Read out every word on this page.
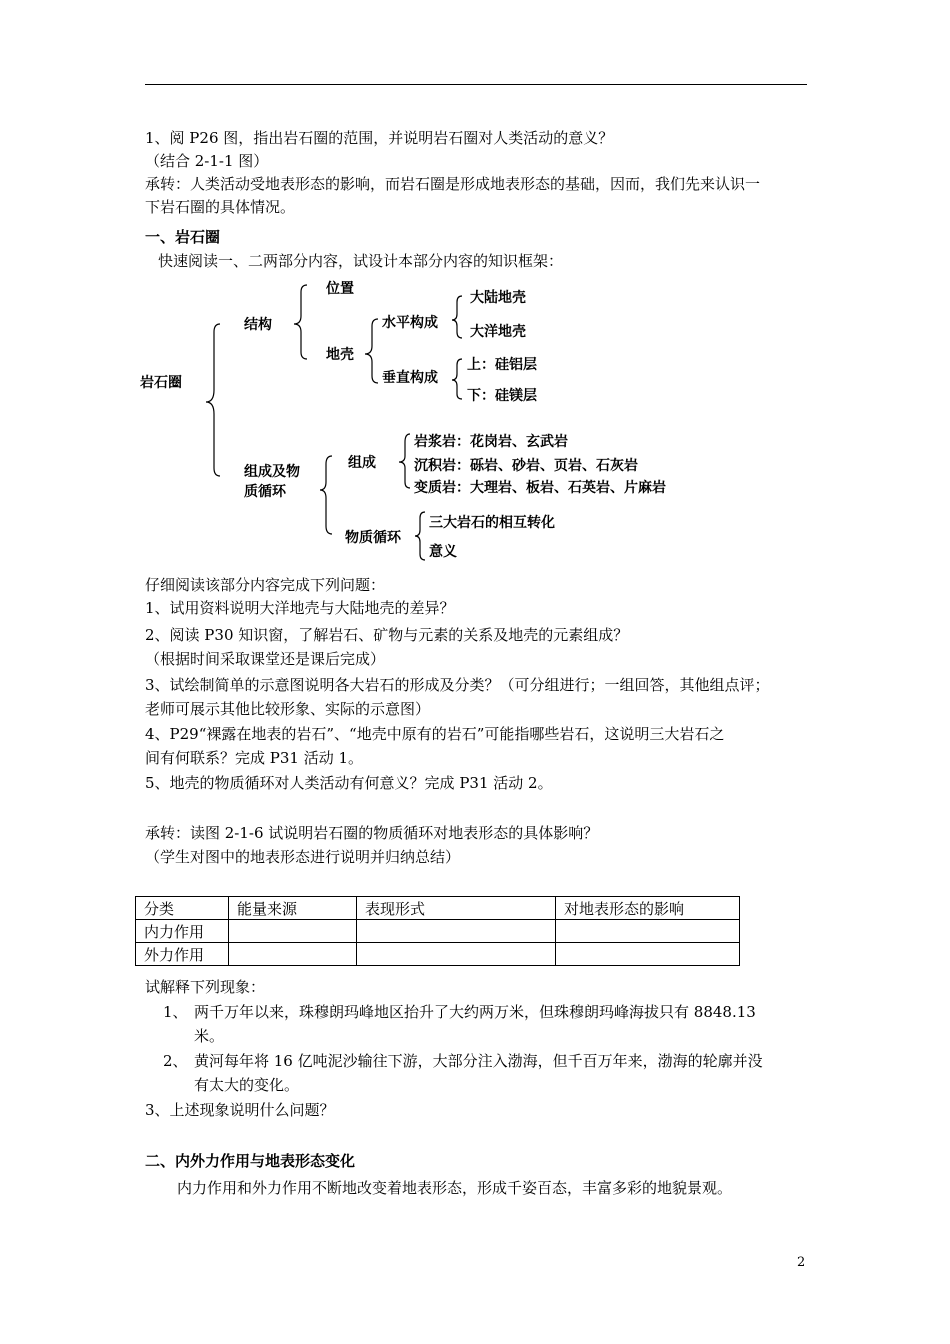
1、阅 P26 图，指出岩石圈的范围，并说明岩石圈对人类活动的意义？
（结合 2-1-1 图）
承转：人类活动受地表形态的影响，而岩石圈是形成地表形态的基础，因而，我们先来认识一
下岩石圈的具体情况。
一、岩石圈
快速阅读一、二两部分内容，试设计本部分内容的知识框架：
岩石圈
结构
位置
地壳
水平构成
大陆地壳
大洋地壳
垂直构成
上：硅铝层
下：硅镁层
组成及物
质循环
组成
岩浆岩：花岗岩、玄武岩
沉积岩：砾岩、砂岩、页岩、石灰岩
变质岩：大理岩、板岩、石英岩、片麻岩
物质循环
三大岩石的相互转化
意义
仔细阅读该部分内容完成下列问题：
1、试用资料说明大洋地壳与大陆地壳的差异？
2、阅读 P30 知识窗，了解岩石、矿物与元素的关系及地壳的元素组成？
（根据时间采取课堂还是课后完成）
3、试绘制简单的示意图说明各大岩石的形成及分类？（可分组进行；一组回答，其他组点评；
老师可展示其他比较形象、实际的示意图）
4、P29“裸露在地表的岩石”、“地壳中原有的岩石”可能指哪些岩石，这说明三大岩石之
间有何联系？完成 P31 活动 1。
5、地壳的物质循环对人类活动有何意义？完成 P31 活动 2。
承转：读图 2-1-6 试说明岩石圈的物质循环对地表形态的具体影响？
（学生对图中的地表形态进行说明并归纳总结）
分类	能量来源	表现形式	对地表形态的影响
内力作用			
外力作用			
试解释下列现象：
1、 两千万年以来，珠穆朗玛峰地区抬升了大约两万米，但珠穆朗玛峰海拔只有 8848.13
米。
2、 黄河每年将 16 亿吨泥沙输往下游，大部分注入渤海，但千百万年来，渤海的轮廓并没
有太大的变化。
3、上述现象说明什么问题？
二、内外力作用与地表形态变化
内力作用和外力作用不断地改变着地表形态，形成千姿百态，丰富多彩的地貌景观。
2
